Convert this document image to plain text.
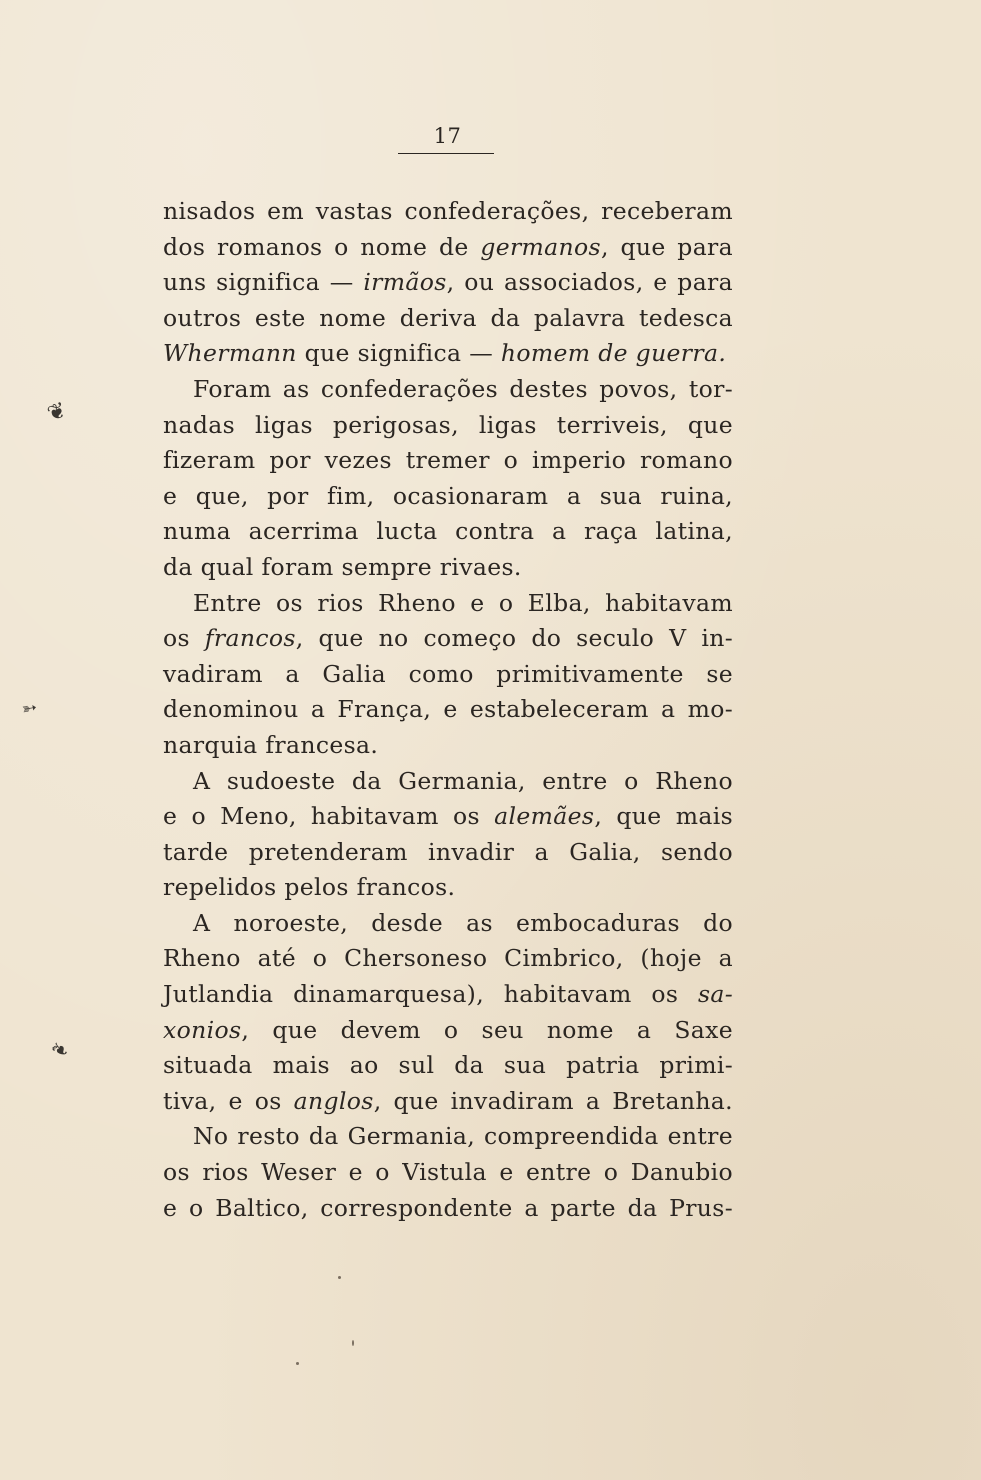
17
nisados em vastas confederações, receberam
dos romanos o nome de germanos, que para
uns significa — irmãos, ou associados, e para
outros este nome deriva da palavra tedesca
Whermann que significa — homem de guerra.
Foram as confederações destes povos, tor-
nadas ligas perigosas, ligas terriveis, que
fizeram por vezes tremer o imperio romano
e que, por fim, ocasionaram a sua ruina,
numa acerrima lucta contra a raça latina,
da qual foram sempre rivaes.
Entre os rios Rheno e o Elba, habitavam
os francos, que no começo do seculo V in-
vadiram a Galia como primitivamente se
denominou a França, e estabeleceram a mo-
narquia francesa.
A sudoeste da Germania, entre o Rheno
e o Meno, habitavam os alemães, que mais
tarde pretenderam invadir a Galia, sendo
repelidos pelos francos.
A noroeste, desde as embocaduras do
Rheno até o Chersoneso Cimbrico, (hoje a
Jutlandia dinamarquesa), habitavam os sa-
xonios, que devem o seu nome a Saxe
situada mais ao sul da sua patria primi-
tiva, e os anglos, que invadiram a Bretanha.
No resto da Germania, compreendida entre
os rios Weser e o Vistula e entre o Danubio
e o Baltico, correspondente a parte da Prus-
❦
➳
❧
